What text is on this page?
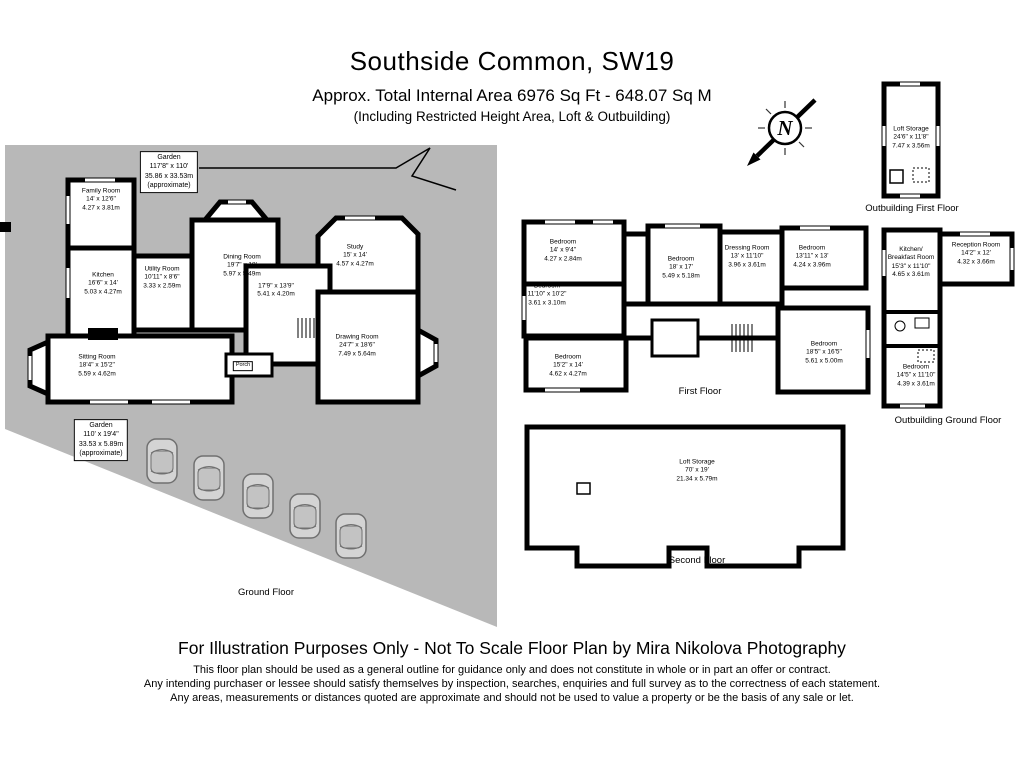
N
Southside Common, SW19
Approx. Total Internal Area 6976 Sq Ft - 648.07 Sq M
(Including Restricted Height Area, Loft & Outbuilding)
Garden
117'8" x 110'
35.86 x 33.53m
(approximate)
Garden
110' x 19'4"
33.53 x 5.89m
(approximate)
Family Room
14' x 12'6"
4.27 x 3.81m
Kitchen
16'6" x 14'
5.03 x 4.27m
Utility Room
10'11" x 8'6"
3.33 x 2.59m
Dining Room
19'7" x 18'
5.97 x 5.49m
Study
15' x 14'
4.57 x 4.27m
17'9" x 13'9"
5.41 x 4.20m
Drawing Room
24'7" x 18'6"
7.49 x 5.64m
Sitting Room
18'4" x 15'2"
5.59 x 4.62m
Porch
Ground Floor
Bedroom
14' x 9'4"
4.27 x 2.84m
Bedroom
11'10" x 10'2"
3.61 x 3.10m
Bedroom
18' x 17'
5.49 x 5.18m
Dressing Room
13' x 11'10"
3.96 x 3.61m
Bedroom
13'11" x 13'
4.24 x 3.96m
Bedroom
15'2" x 14'
4.62 x 4.27m
Bedroom
18'5" x 16'5"
5.61 x 5.00m
First Floor
Loft Storage
70' x 19'
21.34 x 5.79m
Second Floor
Loft Storage
24'6" x 11'8"
7.47 x 3.56m
Outbuilding First Floor
Kitchen/
Breakfast Room
15'3" x 11'10"
4.65 x 3.61m
Reception Room
14'2" x 12'
4.32 x 3.66m
Bedroom
14'5" x 11'10"
4.39 x 3.61m
Outbuilding Ground Floor
For Illustration Purposes Only - Not To Scale Floor Plan by Mira Nikolova Photography
This floor plan should be used as a general outline for guidance only and does not constitute in whole or in part an offer or contract.
Any intending purchaser or lessee should satisfy themselves by inspection, searches, enquiries and full survey as to the correctness of each statement.
Any areas, measurements or distances quoted are approximate and should not be used to value a property or be the basis of any sale or let.
